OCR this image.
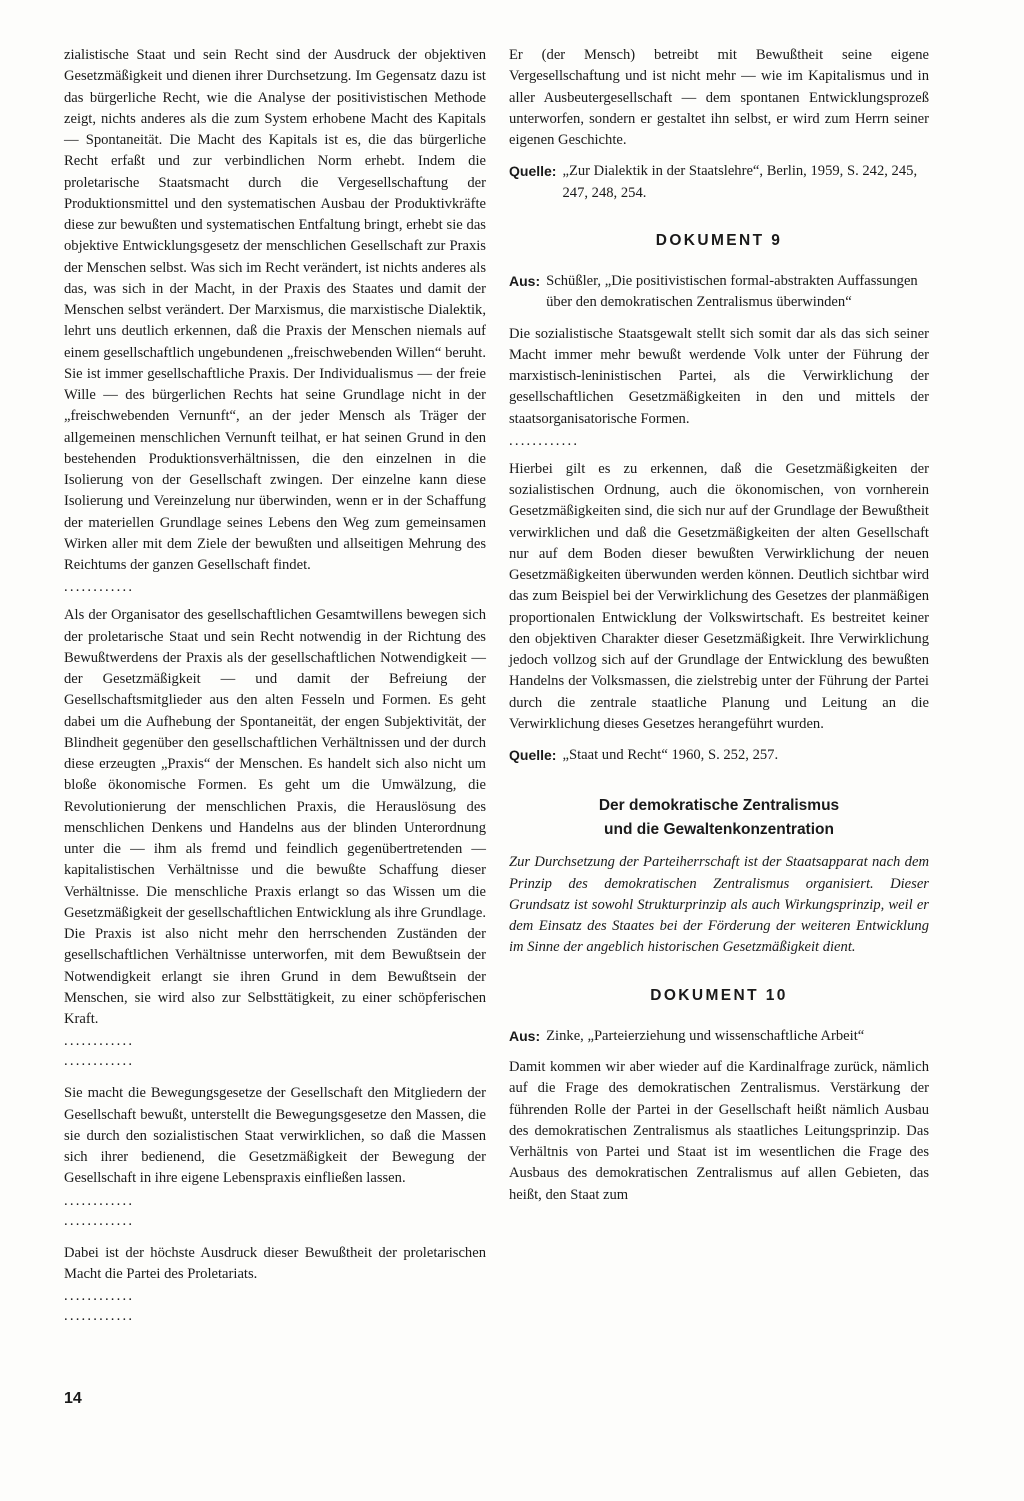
zialistische Staat und sein Recht sind der Ausdruck der objektiven Gesetzmäßigkeit und dienen ihrer Durchsetzung. Im Gegensatz dazu ist das bürgerliche Recht, wie die Analyse der positivistischen Methode zeigt, nichts anderes als die zum System erhobene Macht des Kapitals — Spontaneität. Die Macht des Kapitals ist es, die das bürgerliche Recht erfaßt und zur verbindlichen Norm erhebt. Indem die proletarische Staatsmacht durch die Vergesellschaftung der Produktionsmittel und den systematischen Ausbau der Produktivkräfte diese zur bewußten und systematischen Entfaltung bringt, erhebt sie das objektive Entwicklungsgesetz der menschlichen Gesellschaft zur Praxis der Menschen selbst. Was sich im Recht verändert, ist nichts anderes als das, was sich in der Macht, in der Praxis des Staates und damit der Menschen selbst verändert. Der Marxismus, die marxistische Dialektik, lehrt uns deutlich erkennen, daß die Praxis der Menschen niemals auf einem gesellschaftlich ungebundenen „freischwebenden Willen“ beruht. Sie ist immer gesellschaftliche Praxis. Der Individualismus — der freie Wille — des bürgerlichen Rechts hat seine Grundlage nicht in der „freischwebenden Vernunft“, an der jeder Mensch als Träger der allgemeinen menschlichen Vernunft teilhat, er hat seinen Grund in den bestehenden Produktionsverhältnissen, die den einzelnen in die Isolierung von der Gesellschaft zwingen. Der einzelne kann diese Isolierung und Vereinzelung nur überwinden, wenn er in der Schaffung der materiellen Grundlage seines Lebens den Weg zum gemeinsamen Wirken aller mit dem Ziele der bewußten und allseitigen Mehrung des Reichtums der ganzen Gesellschaft findet.

............

Als der Organisator des gesellschaftlichen Gesamtwillens bewegen sich der proletarische Staat und sein Recht notwendig in der Richtung des Bewußtwerdens der Praxis als der gesellschaftlichen Notwendigkeit — der Gesetzmäßigkeit — und damit der Befreiung der Gesellschaftsmitglieder aus den alten Fesseln und Formen. Es geht dabei um die Aufhebung der Spontaneität, der engen Subjektivität, der Blindheit gegenüber den gesellschaftlichen Verhältnissen und der durch diese erzeugten „Praxis“ der Menschen. Es handelt sich also nicht um bloße ökonomische Formen. Es geht um die Umwälzung, die Revolutionierung der menschlichen Praxis, die Herauslösung des menschlichen Denkens und Handelns aus der blinden Unterordnung unter die — ihm als fremd und feindlich gegenübertretenden — kapitalistischen Verhältnisse und die bewußte Schaffung dieser Verhältnisse. Die menschliche Praxis erlangt so das Wissen um die Gesetzmäßigkeit der gesellschaftlichen Entwicklung als ihre Grundlage. Die Praxis ist also nicht mehr den herrschenden Zuständen der gesellschaftlichen Verhältnisse unterworfen, mit dem Bewußtsein der Notwendigkeit erlangt sie ihren Grund in dem Bewußtsein der Menschen, sie wird also zur Selbsttätigkeit, zu einer schöpferischen Kraft.

............
............

Sie macht die Bewegungsgesetze der Gesellschaft den Mitgliedern der Gesellschaft bewußt, unterstellt die Bewegungsgesetze den Massen, die sie durch den sozialistischen Staat verwirklichen, so daß die Massen sich ihrer bedienend, die Gesetzmäßigkeit der Bewegung der Gesellschaft in ihre eigene Lebenspraxis einfließen lassen.

............
............

Dabei ist der höchste Ausdruck dieser Bewußtheit der proletarischen Macht die Partei des Proletariats.

............
............

Er (der Mensch) betreibt mit Bewußtheit seine eigene Vergesellschaftung und ist nicht mehr — wie im Kapitalismus und in aller Ausbeutergesellschaft — dem spontanen Entwicklungsprozeß unterworfen, sondern er gestaltet ihn selbst, er wird zum Herrn seiner eigenen Geschichte.

Quelle: „Zur Dialektik in der Staatslehre“, Berlin, 1959, S. 242, 245, 247, 248, 254.
DOKUMENT 9
Aus: Schüßler, „Die positivistischen formal-abstrakten Auffassungen über den demokratischen Zentralismus überwinden“

Die sozialistische Staatsgewalt stellt sich somit dar als das sich seiner Macht immer mehr bewußt werdende Volk unter der Führung der marxistisch-leninistischen Partei, als die Verwirklichung der gesellschaftlichen Gesetzmäßigkeiten in den und mittels der staatsorganisatorische Formen.

............

Hierbei gilt es zu erkennen, daß die Gesetzmäßigkeiten der sozialistischen Ordnung, auch die ökonomischen, von vornherein Gesetzmäßigkeiten sind, die sich nur auf der Grundlage der Bewußtheit verwirklichen und daß die Gesetzmäßigkeiten der alten Gesellschaft nur auf dem Boden dieser bewußten Verwirklichung der neuen Gesetzmäßigkeiten überwunden werden können. Deutlich sichtbar wird das zum Beispiel bei der Verwirklichung des Gesetzes der planmäßigen proportionalen Entwicklung der Volkswirtschaft. Es bestreitet keiner den objektiven Charakter dieser Gesetzmäßigkeit. Ihre Verwirklichung jedoch vollzog sich auf der Grundlage der Entwicklung des bewußten Handelns der Volksmassen, die zielstrebig unter der Führung der Partei durch die zentrale staatliche Planung und Leitung an die Verwirklichung dieses Gesetzes herangeführt wurden.

Quelle: „Staat und Recht“ 1960, S. 252, 257.
Der demokratische Zentralismus
und die Gewaltenkonzentration

Zur Durchsetzung der Parteiherrschaft ist der Staatsapparat nach dem Prinzip des demokratischen Zentralismus organisiert. Dieser Grundsatz ist sowohl Strukturprinzip als auch Wirkungsprinzip, weil er dem Einsatz des Staates bei der Förderung der weiteren Entwicklung im Sinne der angeblich historischen Gesetzmäßigkeit dient.

DOKUMENT 10
Aus: Zinke, „Parteierziehung und wissenschaftliche Arbeit“

Damit kommen wir aber wieder auf die Kardinalfrage zurück, nämlich auf die Frage des demokratischen Zentralismus. Verstärkung der führenden Rolle der Partei in der Gesellschaft heißt nämlich Ausbau des demokratischen Zentralismus als staatliches Leitungsprinzip. Das Verhältnis von Partei und Staat ist im wesentlichen die Frage des Ausbaus des demokratischen Zentralismus auf allen Gebieten, das heißt, den Staat zum

14
